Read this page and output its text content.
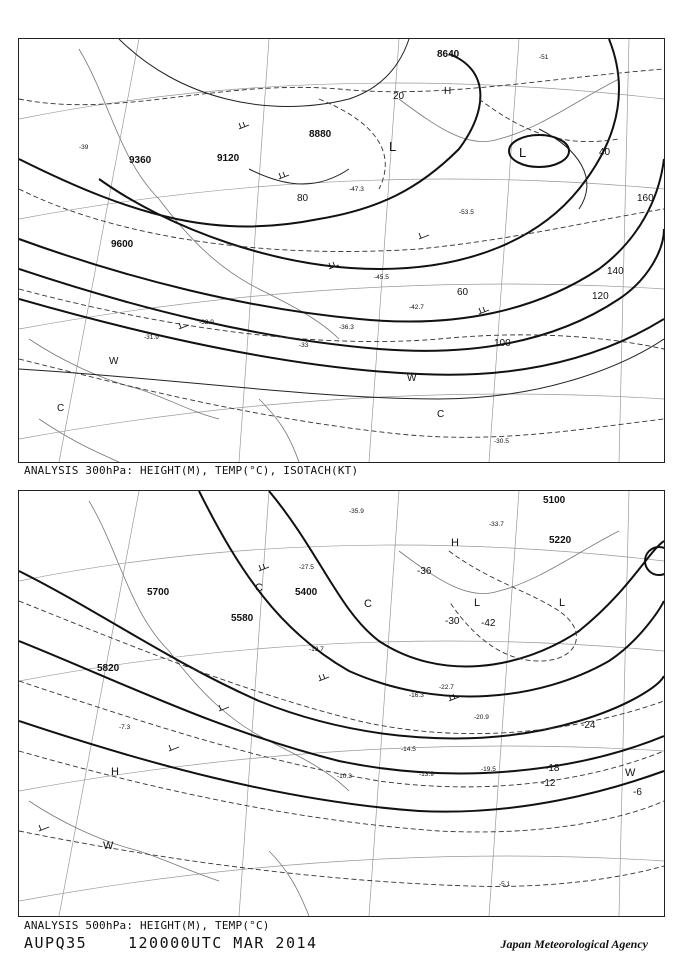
-47.3
-45.5
-42.7
-36.3
-32.9
-31.9
-30.5
-53.5
-51
-33
-39
8640
8880
9120
9360
9600
20
40
60
80
100
120
140
160
L	L
H
W
W
C
C
ANALYSIS 300hPa: HEIGHT(M), TEMP(°C), ISOTACH(KT)
-35.9
-33.7
-27.5
-22.7
-19.7
-16.3
-14.5
-13.9
-10.3
-7.3
-5.1
-19.5
-20.9
5100
5220
5400
5580
5700
5820
-42
-36
-30
-24
-18
-12
-6
H
H
L	L
C
C
W
W
ANALYSIS 500hPa: HEIGHT(M), TEMP(°C)
AUPQ35	120000UTC MAR 2014	Japan Meteorological Agency
